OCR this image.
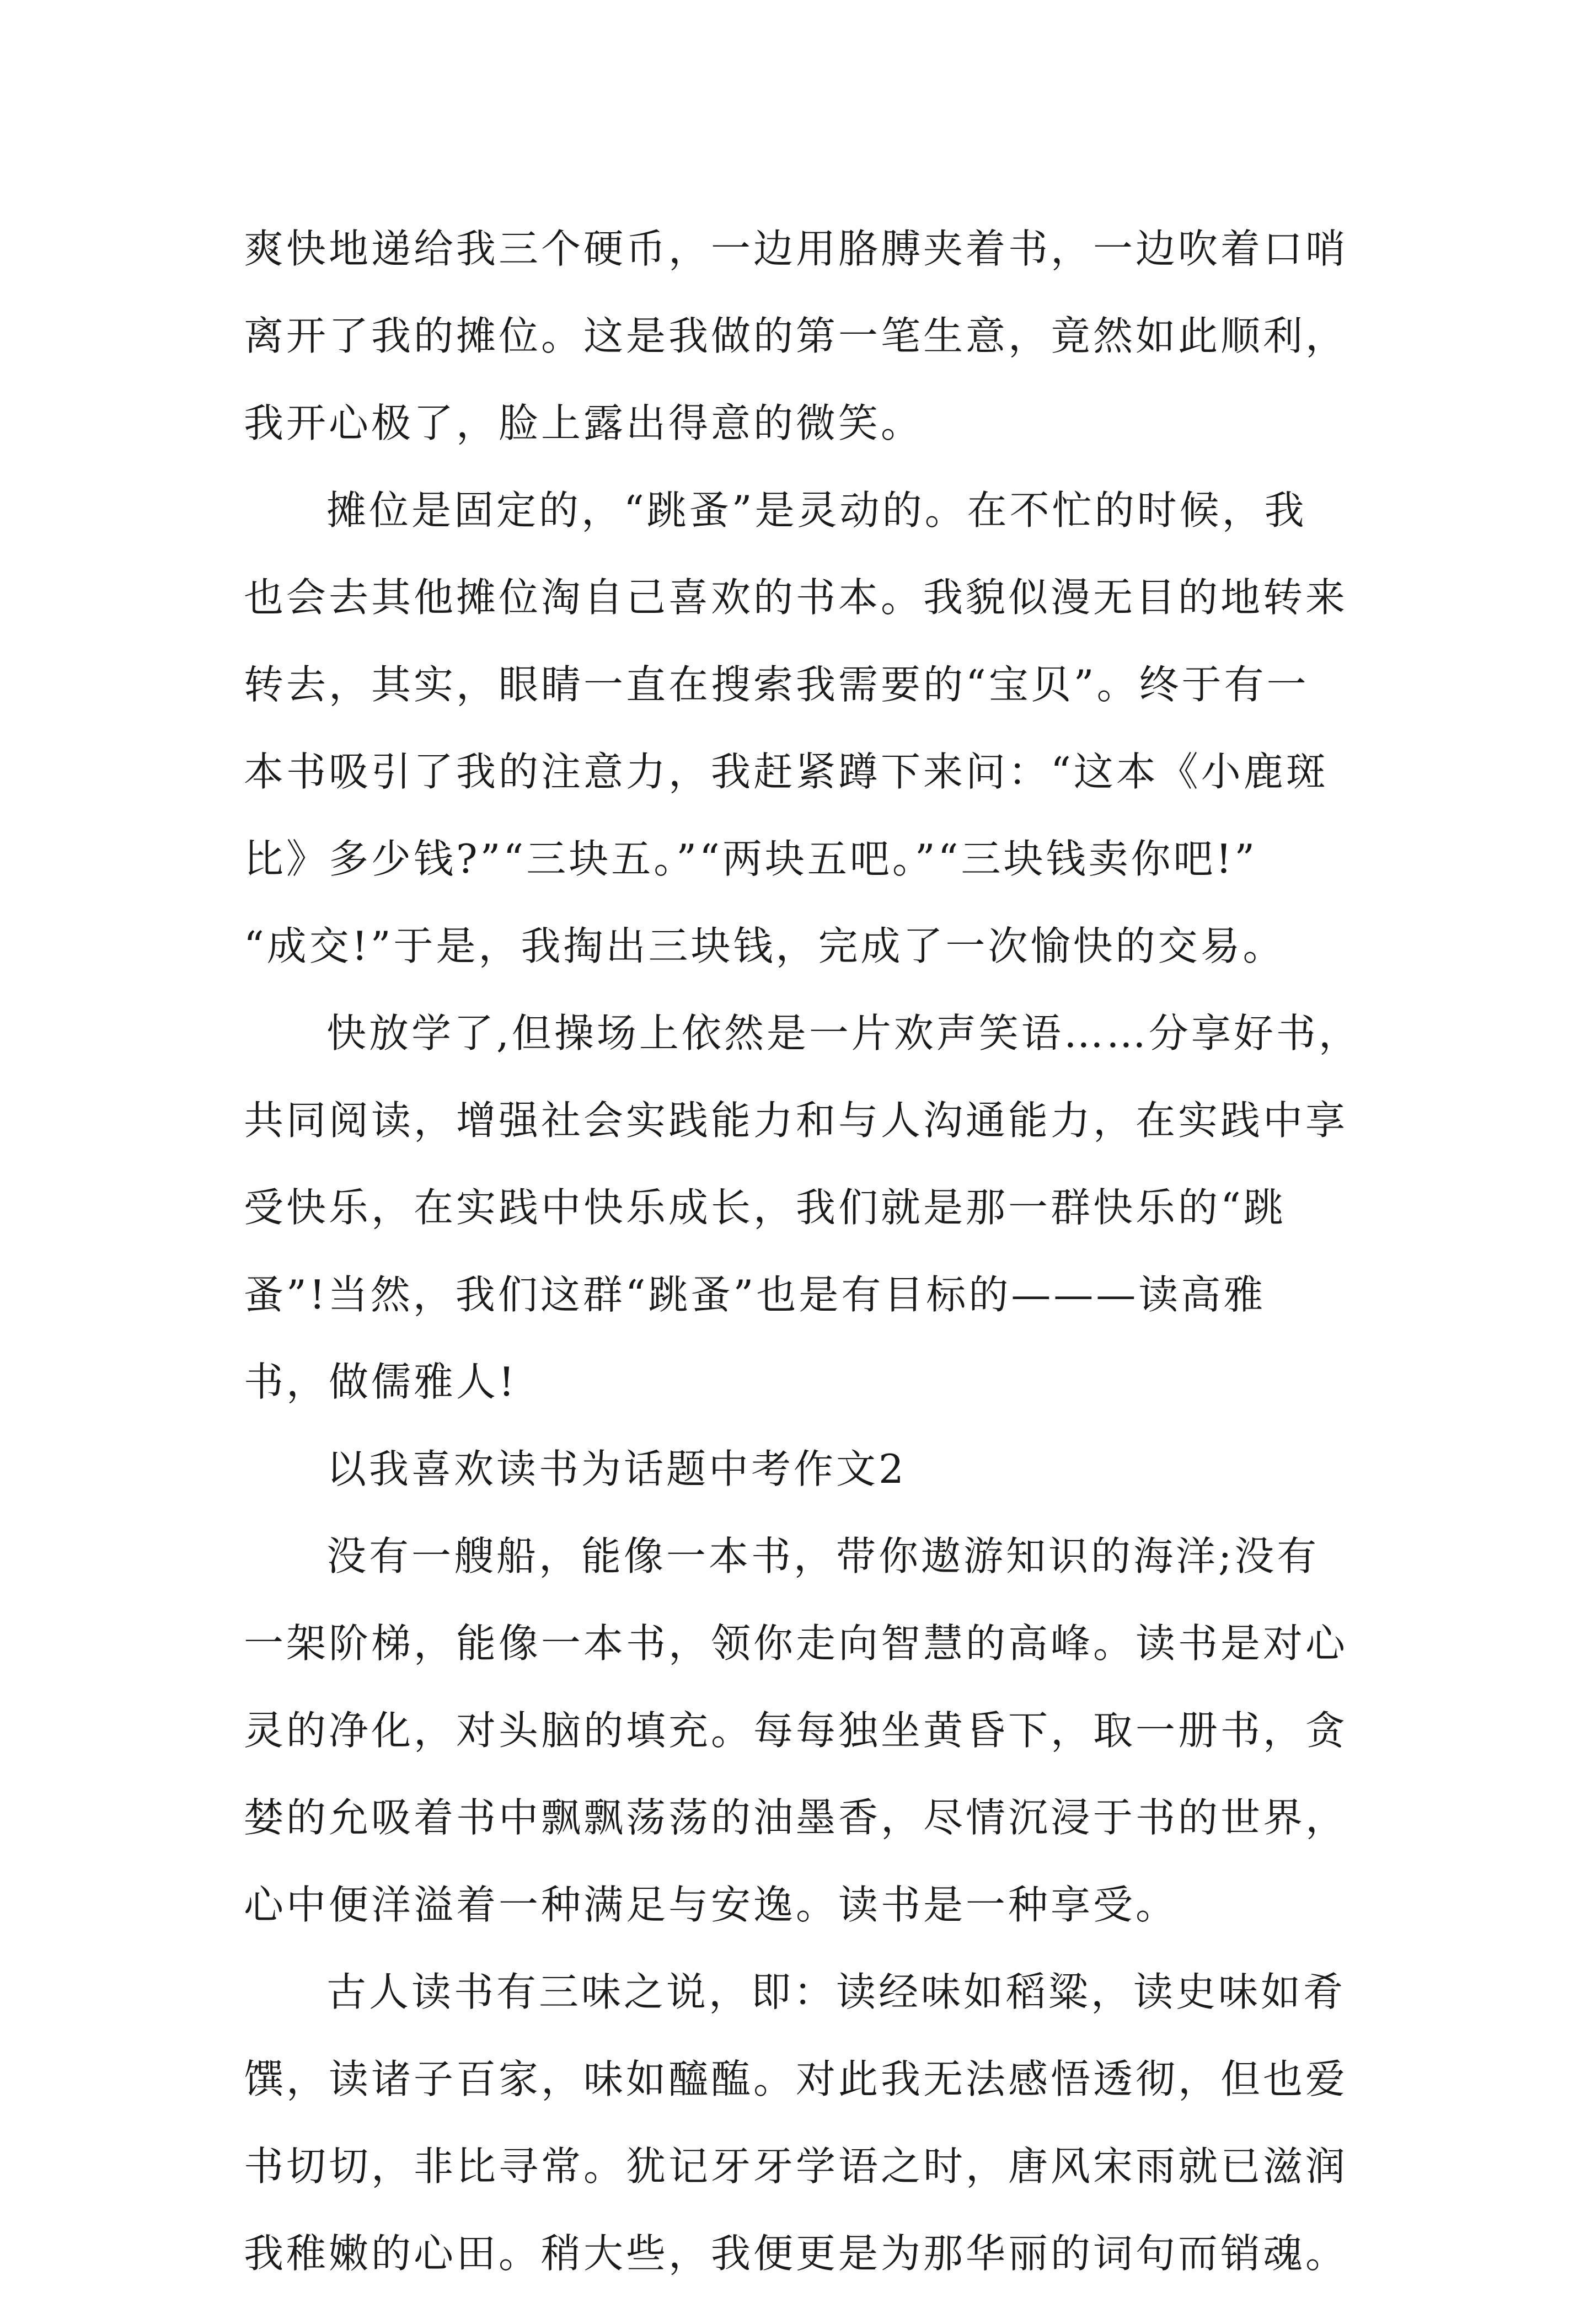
爽快地递给我三个硬币，一边用胳膊夹着书，一边吹着口哨
离开了我的摊位。这是我做的第一笔生意，竟然如此顺利，
我开心极了，脸上露出得意的微笑。
摊位是固定的，“跳蚤”是灵动的。在不忙的时候，我
也会去其他摊位淘自己喜欢的书本。我貌似漫无目的地转来
转去，其实，眼睛一直在搜索我需要的“宝贝”。终于有一
本书吸引了我的注意力，我赶紧蹲下来问：“这本《小鹿斑
比》多少钱?”“三块五。”“两块五吧。”“三块钱卖你吧!”
“成交!”于是，我掏出三块钱，完成了一次愉快的交易。
快放学了,但操场上依然是一片欢声笑语……分享好书，
共同阅读，增强社会实践能力和与人沟通能力，在实践中享
受快乐，在实践中快乐成长，我们就是那一群快乐的“跳
蚤”!当然，我们这群“跳蚤”也是有目标的———读高雅
书，做儒雅人!
以我喜欢读书为话题中考作文2
没有一艘船，能像一本书，带你遨游知识的海洋;没有
一架阶梯，能像一本书，领你走向智慧的高峰。读书是对心
灵的净化，对头脑的填充。每每独坐黄昏下，取一册书，贪
婪的允吸着书中飘飘荡荡的油墨香，尽情沉浸于书的世界，
心中便洋溢着一种满足与安逸。读书是一种享受。
古人读书有三味之说，即：读经味如稻粱，读史味如肴
馔，读诸子百家，味如醯醢。对此我无法感悟透彻，但也爱
书切切，非比寻常。犹记牙牙学语之时，唐风宋雨就已滋润
我稚嫩的心田。稍大些，我便更是为那华丽的词句而销魂。
